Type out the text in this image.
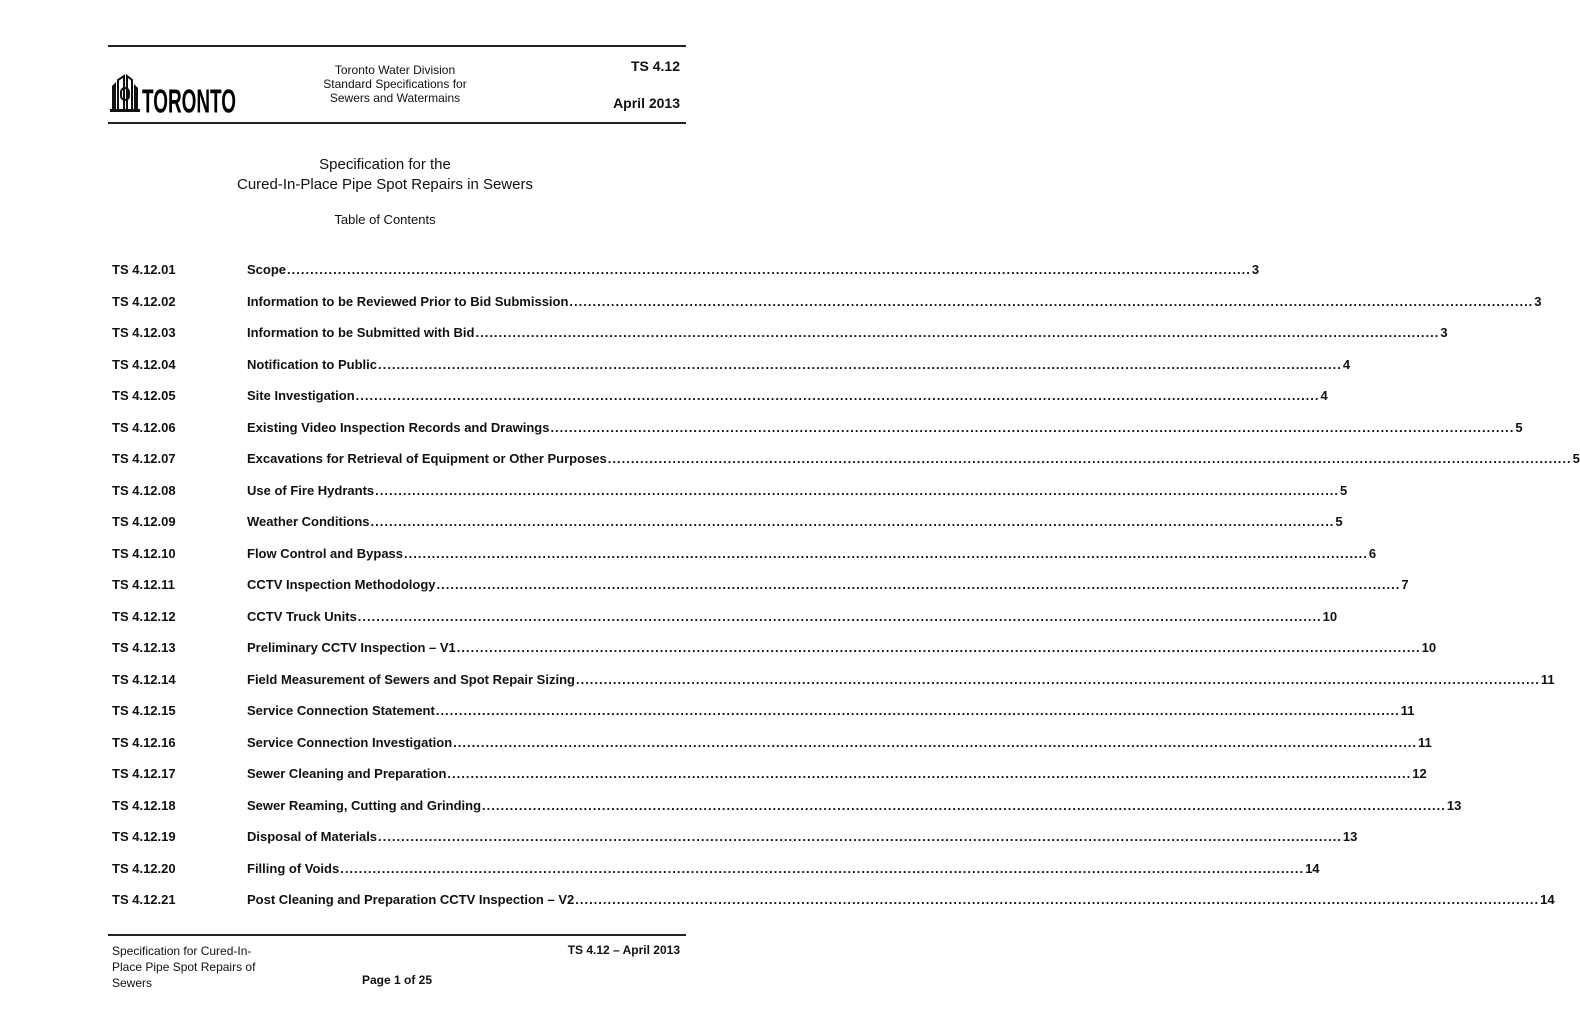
TORONTO
Toronto Water Division
Standard Specifications for
Sewers and Watermains
TS 4.12
April 2013
Specification for the
Cured-In-Place Pipe Spot Repairs in Sewers
Table of Contents
TS 4.12.01	Scope .....	3
TS 4.12.02	Information to be Reviewed Prior to Bid Submission .....	3
TS 4.12.03	Information to be Submitted with Bid .....	3
TS 4.12.04	Notification to Public .....	4
TS 4.12.05	Site Investigation .....	4
TS 4.12.06	Existing Video Inspection Records and Drawings .....	5
TS 4.12.07	Excavations for Retrieval of Equipment or Other Purposes .....	5
TS 4.12.08	Use of Fire Hydrants .....	5
TS 4.12.09	Weather Conditions .....	5
TS 4.12.10	Flow Control and Bypass .....	6
TS 4.12.11	CCTV Inspection Methodology .....	7
TS 4.12.12	CCTV Truck Units .....	10
TS 4.12.13	Preliminary CCTV Inspection – V1 .....	10
TS 4.12.14	Field Measurement of Sewers and Spot Repair Sizing .....	11
TS 4.12.15	Service Connection Statement .....	11
TS 4.12.16	Service Connection Investigation .....	11
TS 4.12.17	Sewer Cleaning and Preparation .....	12
TS 4.12.18	Sewer Reaming, Cutting and Grinding .....	13
TS 4.12.19	Disposal of Materials .....	13
TS 4.12.20	Filling of Voids .....	14
TS 4.12.21	Post Cleaning and Preparation CCTV Inspection – V2 .....	14
Specification for Cured-In-
Place Pipe Spot Repairs of
Sewers
TS 4.12 – April 2013
Page 1 of 25
